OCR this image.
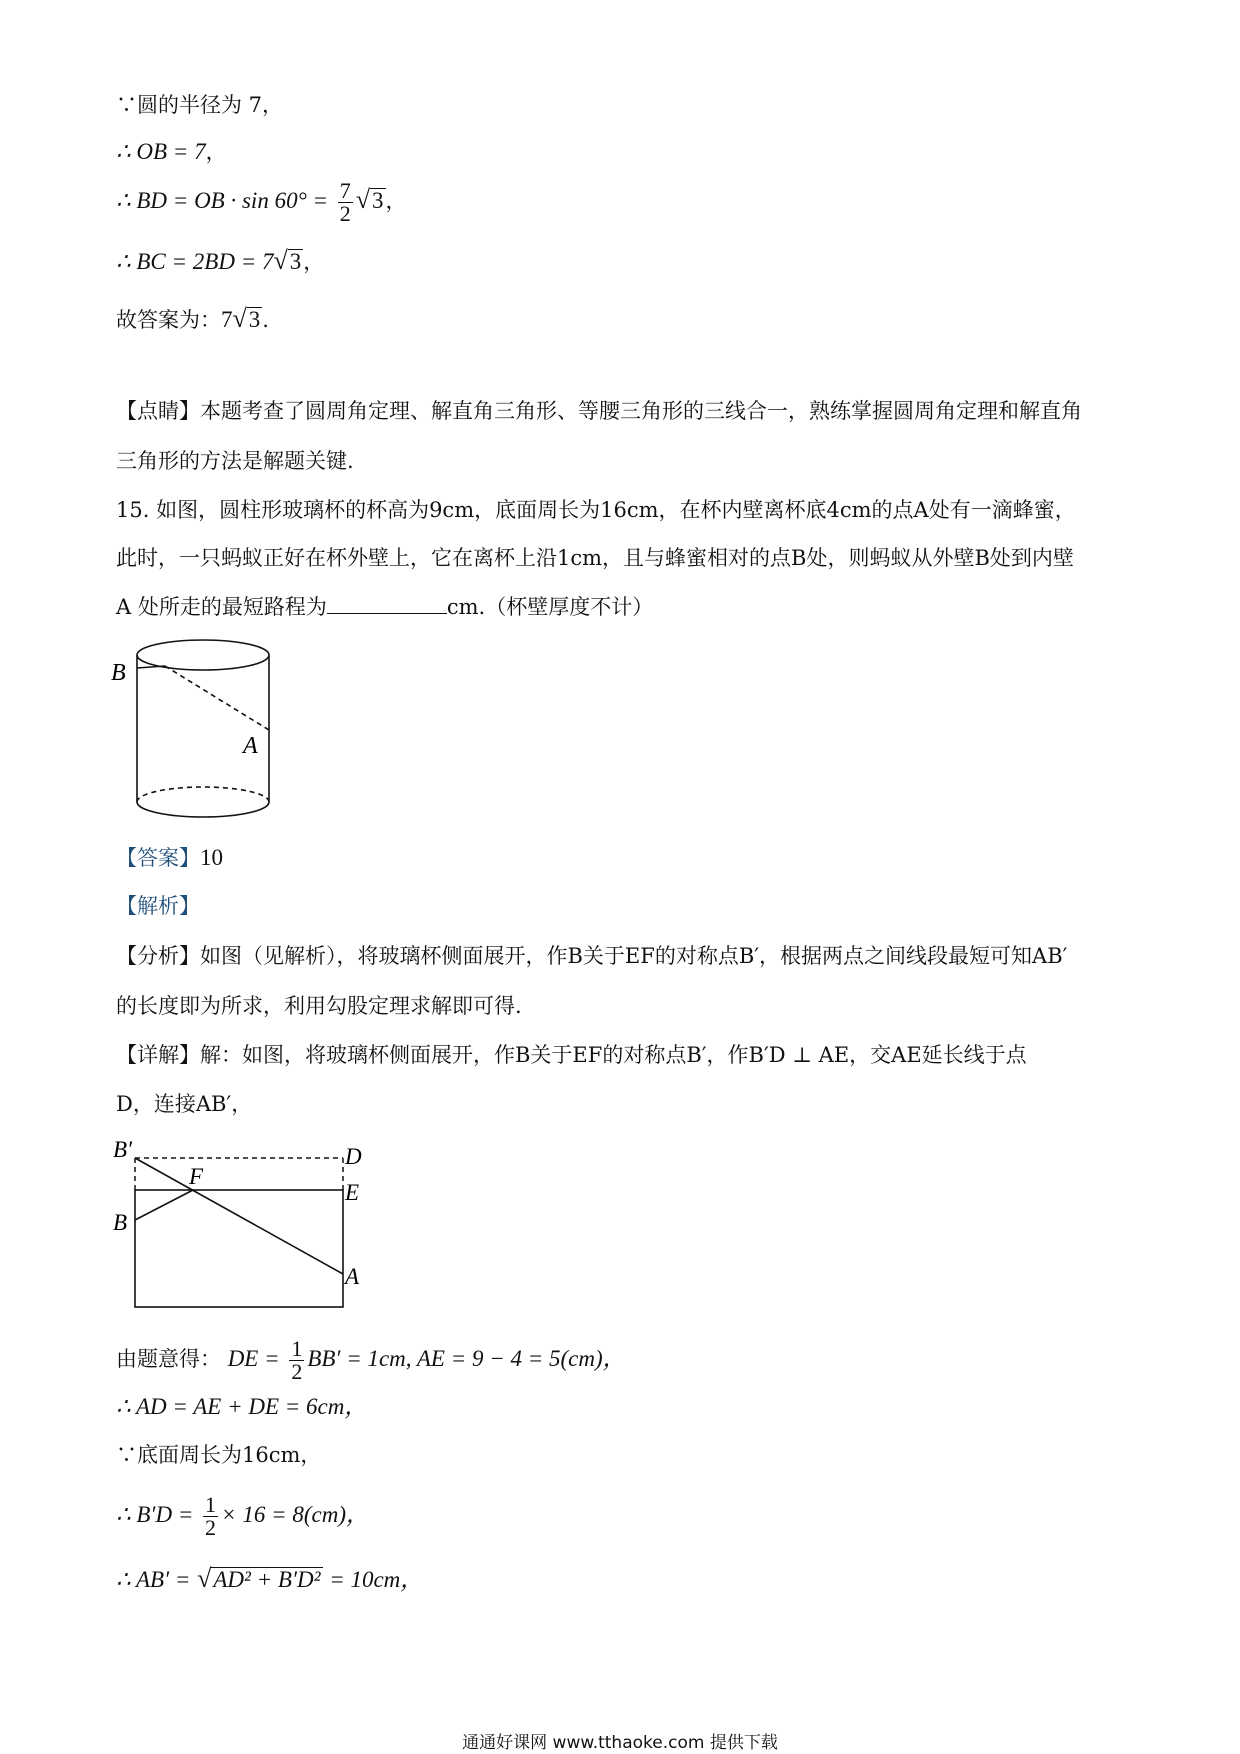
∵圆的半径为 7，
∴ OB = 7，
∴ BD = OB · $\sin 60^\circ = \frac{7}{2} √3$，
∴ BC = 2BD = 7√3，
故答案为：7√3.
【点睛】本题考查了圆周角定理、解直角三角形、等腰三角形的三线合一，熟练掌握圆周角定理和解直角
三角形的方法是解题关键.
15. 如图，圆柱形玻璃杯的杯高为9cm，底面周长为16cm，在杯内壁离杯底4cm的点A处有一滴蜂蜜，
此时，一只蚂蚁正好在杯外壁上，它在离杯上沿1cm，且与蜂蜜相对的点B处，则蚂蚁从外壁B处到内壁
A 处所走的最短路程为	cm.（杯壁厚度不计）
B
A
【答案】10
【解析】
【分析】如图（见解析），将玻璃杯侧面展开，作B关于EF的对称点B′，根据两点之间线段最短可知AB′
的长度即为所求，利用勾股定理求解即可得.
【详解】解：如图，将玻璃杯侧面展开，作B关于EF的对称点B′，作B′D ⊥ AE，交AE延长线于点
D，连接AB′，
B′	D
F
E
B
A
由题意得： DE = $\frac{1}{2} BB' = 1cm$, AE = 9 − 4 = 5(cm)，
∴ AD = AE + DE = 6cm，
∵底面周长为16cm，
∴ $B'D = \frac{1}{2} \times 16 = 8(cm)$，
∴ AB′ = √AD² + B′D² = 10cm，
通通好课网 www.tthaoke.com 提供下载
